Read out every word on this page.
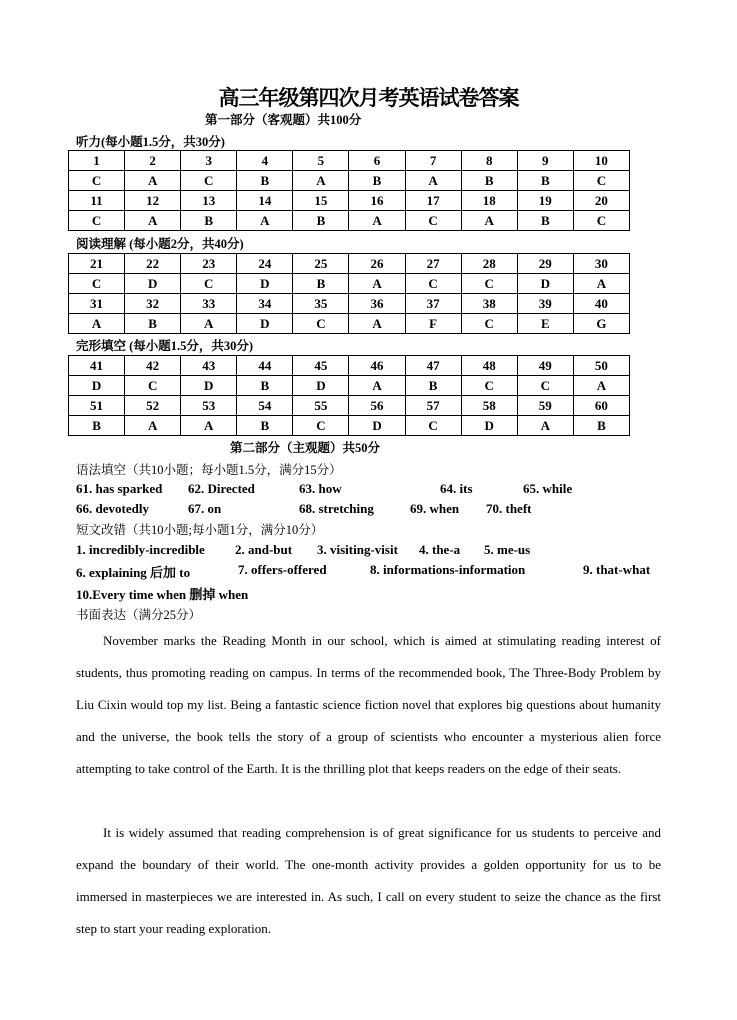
高三年级第四次月考英语试卷答案
第一部分（客观题）共100分
听力(每小题1.5分，共30分)
1	2	3	4	5	6	7	8	9	10
C	A	C	B	A	B	A	B	B	C
11	12	13	14	15	16	17	18	19	20
C	A	B	A	B	A	C	A	B	C
阅读理解 (每小题2分，共40分)
21	22	23	24	25	26	27	28	29	30
C	D	C	D	B	A	C	C	D	A
31	32	33	34	35	36	37	38	39	40
A	B	A	D	C	A	F	C	E	G
完形填空 (每小题1.5分，共30分)
41	42	43	44	45	46	47	48	49	50
D	C	D	B	D	A	B	C	C	A
51	52	53	54	55	56	57	58	59	60
B	A	A	B	C	D	C	D	A	B
第二部分（主观题）共50分
语法填空（共10小题；每小题1.5分，满分15分）
61. has sparked 62. Directed	63. how	64. its	65. while
66. devotedly	67. on	68. stretching	69. when 70. theft
短文改错（共10小题;每小题1分，满分10分）
1. incredibly-incredible 2. and-but 3. visiting-visit 4. the-a 5. me-us
6. explaining 后加 to	7. offers-offered	8. informations-information	9. that-what
10.Every time when 删掉 when
书面表达（满分25分）
November marks the Reading Month in our school, which is aimed at stimulating reading interest of students, thus promoting reading on campus. In terms of the recommended book, The Three-Body Problem by Liu Cixin would top my list. Being a fantastic science fiction novel that explores big questions about humanity and the universe, the book tells the story of a group of scientists who encounter a mysterious alien force attempting to take control of the Earth. It is the thrilling plot that keeps readers on the edge of their seats.
It is widely assumed that reading comprehension is of great significance for us students to perceive and expand the boundary of their world. The one-month activity provides a golden opportunity for us to be immersed in masterpieces we are interested in. As such, I call on every student to seize the chance as the first step to start your reading exploration.
